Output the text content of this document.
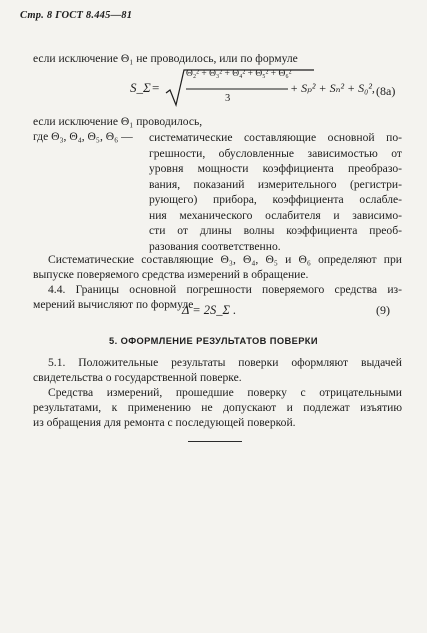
Стр. 8 ГОСТ 8.445—81
если исключение Θ₁ не проводилось, или по формуле
S_Σ =
Θ₂² + Θ₃² + Θ₄² + Θ₅² + Θ₆²
3
+ Sₚ² + Sₙ² + S₀², (8a)
если исключение Θ₁ проводилось,
где Θ₃, Θ₄, Θ₅, Θ₆ — систематические составляющие основной по-
грешности, обусловленные зависимостью от
уровня мощности коэффициента преобразо-
вания, показаний измерительного (регистри-
рующего) прибора, коэффициента ослабле-
ния механического ослабителя и зависимо-
сти от длины волны коэффициента преоб-
разования соответственно.
Систематические составляющие Θ₃, Θ₄, Θ₅ и Θ₆ определяют при
выпуске поверяемого средства измерений в обращение.
4.4. Границы основной погрешности поверяемого средства из-
мерений вычисляют по формуле
Δ = 2S_Σ .	(9)
5. ОФОРМЛЕНИЕ РЕЗУЛЬТАТОВ ПОВЕРКИ
5.1. Положительные результаты поверки оформляют выдачей
свидетельства о государственной поверке.
Средства измерений, прошедшие поверку с отрицательными
результатами, к применению не допускают и подлежат изъятию
из обращения для ремонта с последующей поверкой.
